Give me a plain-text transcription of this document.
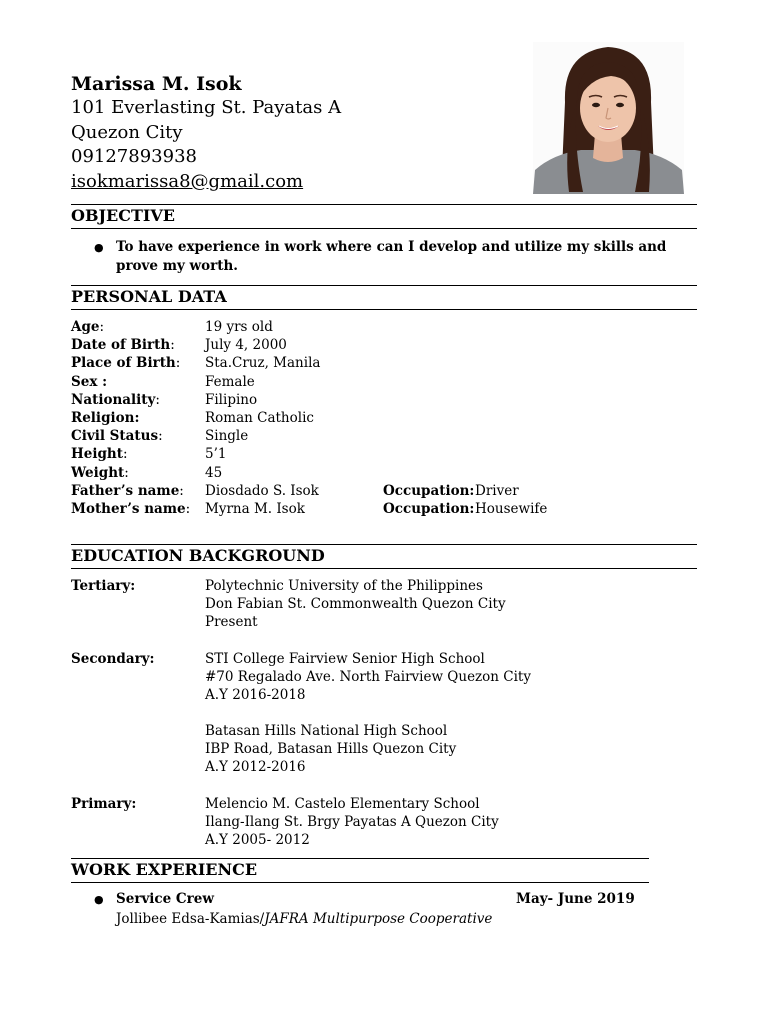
Marissa M. Isok
101 Everlasting St. Payatas A
Quezon City
09127893938
isokmarissa8@gmail.com
OBJECTIVE
● To have experience in work where can I develop and utilize my skills and prove my worth.
PERSONAL DATA
Age:	19 yrs old
Date of Birth: July 4, 2000
Place of Birth: Sta.Cruz, Manila
Sex :	Female
Nationality:	Filipino
Religion:	Roman Catholic
Civil Status:	Single
Height:	5’1
Weight:	45
Father’s name: Diosdado S. Isok	Occupation: Driver
Mother’s name: Myrna M. Isok	Occupation: Housewife
EDUCATION BACKGROUND
Tertiary:	Polytechnic University of the Philippines
Don Fabian St. Commonwealth Quezon City
Present
Secondary:	STI College Fairview Senior High School
#70 Regalado Ave. North Fairview Quezon City
A.Y 2016-2018
Batasan Hills National High School
IBP Road, Batasan Hills Quezon City
A.Y 2012-2016
Primary:	Melencio M. Castelo Elementary School
Ilang-Ilang St. Brgy Payatas A Quezon City
A.Y 2005- 2012
WORK EXPERIENCE
● Service Crew	May- June 2019
Jollibee Edsa-Kamias/JAFRA Multipurpose Cooperative
